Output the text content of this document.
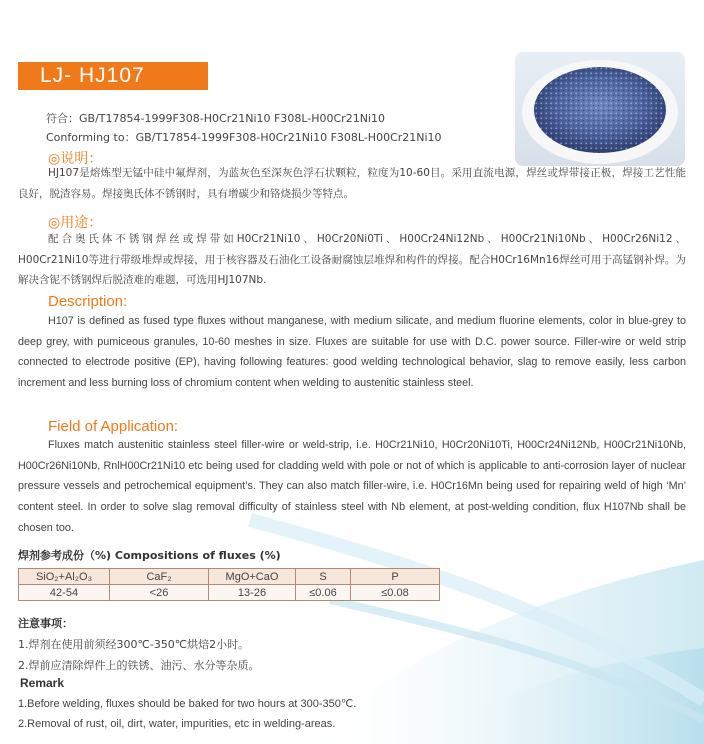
LJ- HJ107
符合：GB/T17854-1999F308-H0Cr21Ni10 F308L-H00Cr21Ni10
Conforming to：GB/T17854-1999F308-H0Cr21Ni10 F308L-H00Cr21Ni10
◎说明：
HJ107是熔炼型无锰中硅中氟焊剂，为蓝灰色至深灰色浮石状颗粒，粒度为10-60目。采用直流电源，焊丝或焊带接正极，焊接工艺性能良好，脱渣容易。焊接奥氏体不锈钢时，具有增碳少和铬烧损少等特点。
◎用途：
配合奥氏体不锈钢焊丝或焊带如H0Cr21Ni10、H0Cr20Ni0Ti、H00Cr24Ni12Nb、H00Cr21Ni10Nb、H00Cr26Ni12、H00Cr21Ni10等进行带级堆焊或焊接，用于核容器及石油化工设备耐腐蚀层堆焊和构件的焊接。配合H0Cr16Mn16焊丝可用于高锰钢补焊。为解决含铌不锈钢焊后脱渣难的难题，可选用HJ107Nb.
Description:
H107 is defined as fused type fluxes without manganese, with medium silicate, and medium fluorine elements, color in blue-grey to deep grey, with pumiceous granules, 10-60 meshes in size. Fluxes are suitable for use with D.C. power source. Filler-wire or weld strip connected to electrode positive (EP), having following features: good welding technological behavior, slag to remove easily, less carbon increment and less burning loss of chromium content when welding to austenitic stainless steel.
Field of Application:
Fluxes match austenitic stainless steel filler-wire or weld-strip, i.e. H0Cr21Ni10, H0Cr20Ni10Ti, H00Cr24Ni12Nb, H00Cr21Ni10Nb, H00Cr26Ni10Nb, RnlH00Cr21Ni10 etc being used for cladding weld with pole or not of which is applicable to anti-corrosion layer of nuclear pressure vessels and petrochemical equipment’s. They can also match filler-wire, i.e. H0Cr16Mn being used for repairing weld of high ‘Mn’ content steel. In order to solve slag removal difficulty of stainless steel with Nb element, at post-welding condition, flux H107Nb shall be chosen too.
焊剂参考成份（%) Compositions of fluxes (%)
SiO₂+Al₂O₃	CaF₂	MgO+CaO	S	P
42-54	<26	13-26	≤0.06	≤0.08
注意事项：
1.焊剂在使用前须经300℃-350℃烘焙2小时。
2.焊前应清除焊件上的铁锈、油污、水分等杂质。
Remark
1.Before welding, fluxes should be baked for two hours at 300-350℃.
2.Removal of rust, oil, dirt, water, impurities, etc in welding-areas.
